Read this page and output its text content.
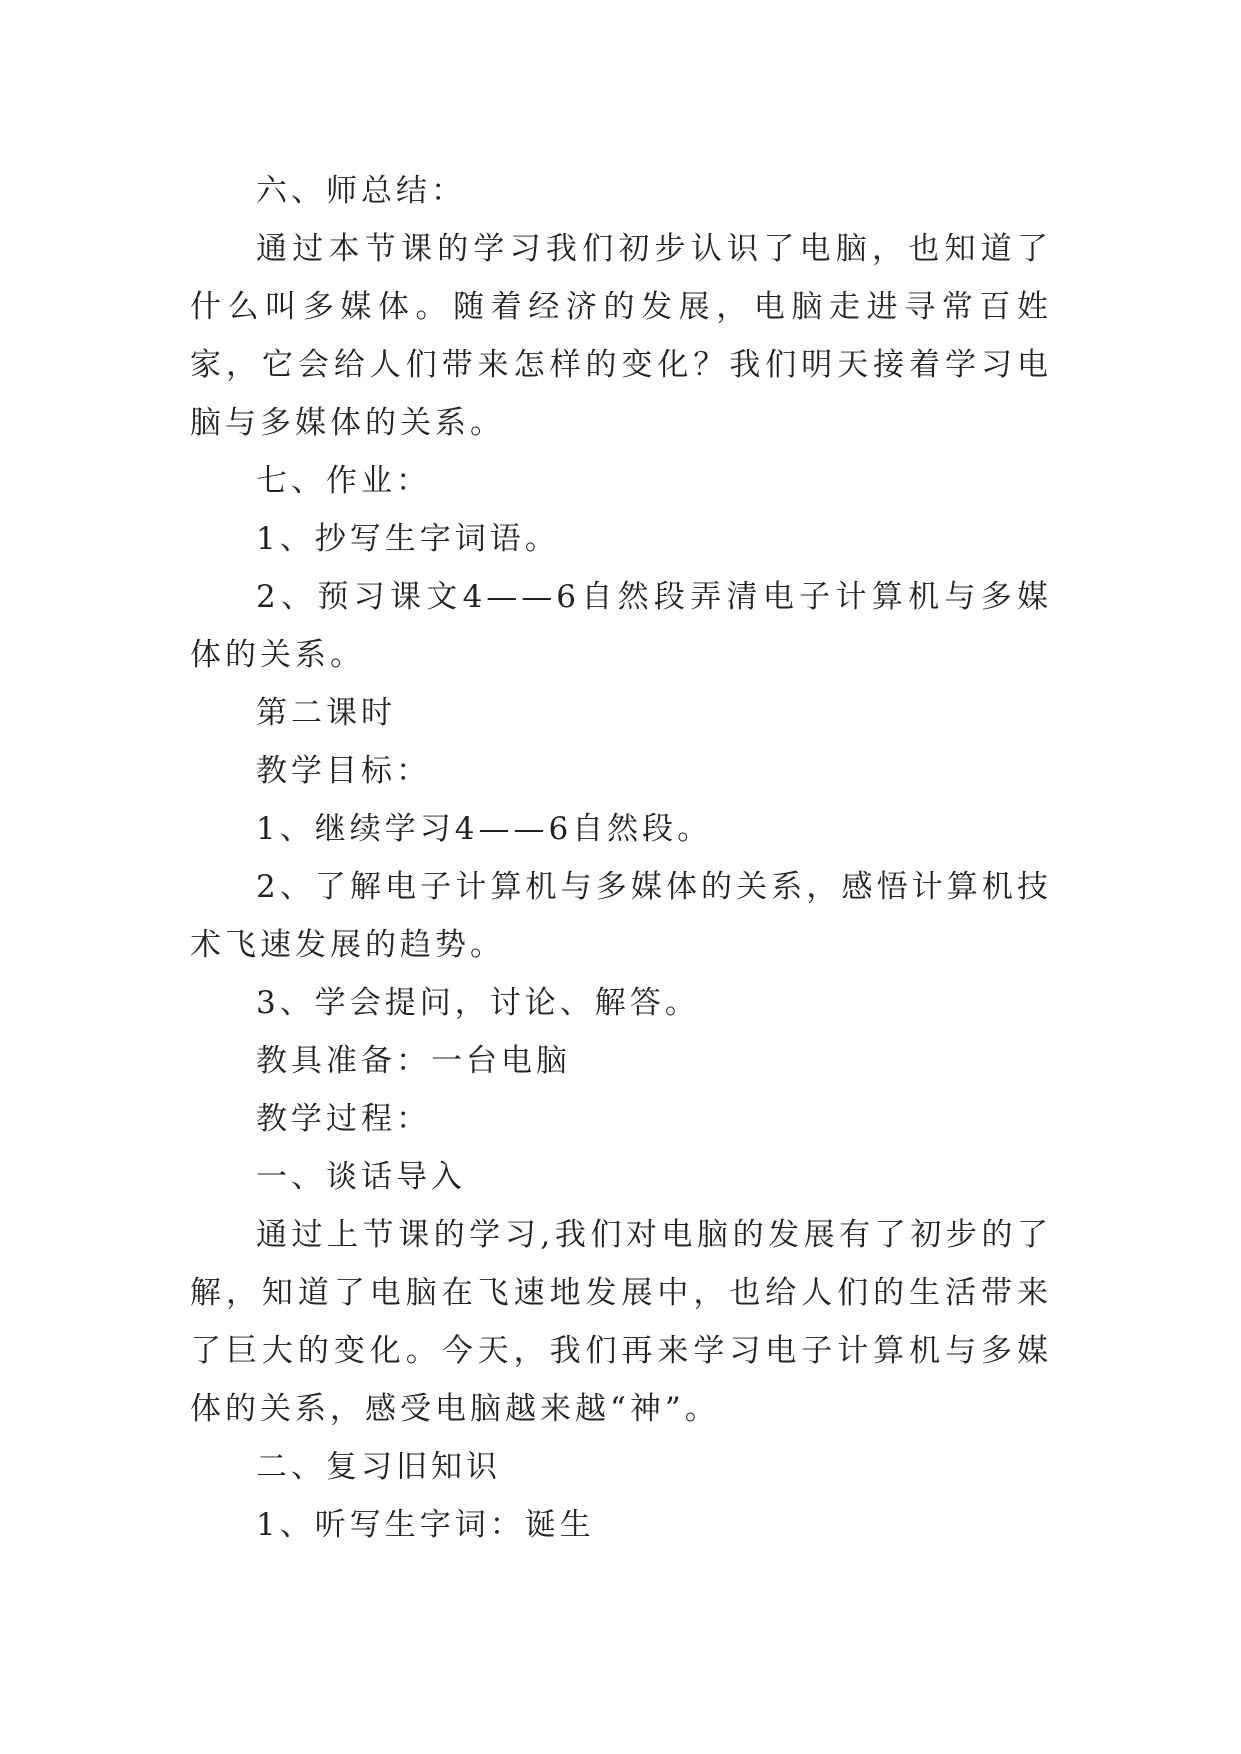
六、师总结：

通过本节课的学习我们初步认识了电脑，也知道了什么叫多媒体。随着经济的发展，电脑走进寻常百姓家，它会给人们带来怎样的变化？我们明天接着学习电脑与多媒体的关系。

七、作业：

1、抄写生字词语。

2、预习课文4——6自然段弄清电子计算机与多媒体的关系。

第二课时

教学目标：

1、继续学习4——6自然段。

2、了解电子计算机与多媒体的关系，感悟计算机技术飞速发展的趋势。

3、学会提问，讨论、解答。

教具准备：一台电脑

教学过程：

一、谈话导入

通过上节课的学习,我们对电脑的发展有了初步的了解，知道了电脑在飞速地发展中，也给人们的生活带来了巨大的变化。今天，我们再来学习电子计算机与多媒体的关系，感受电脑越来越“神”。

二、复习旧知识

1、听写生字词：诞生
